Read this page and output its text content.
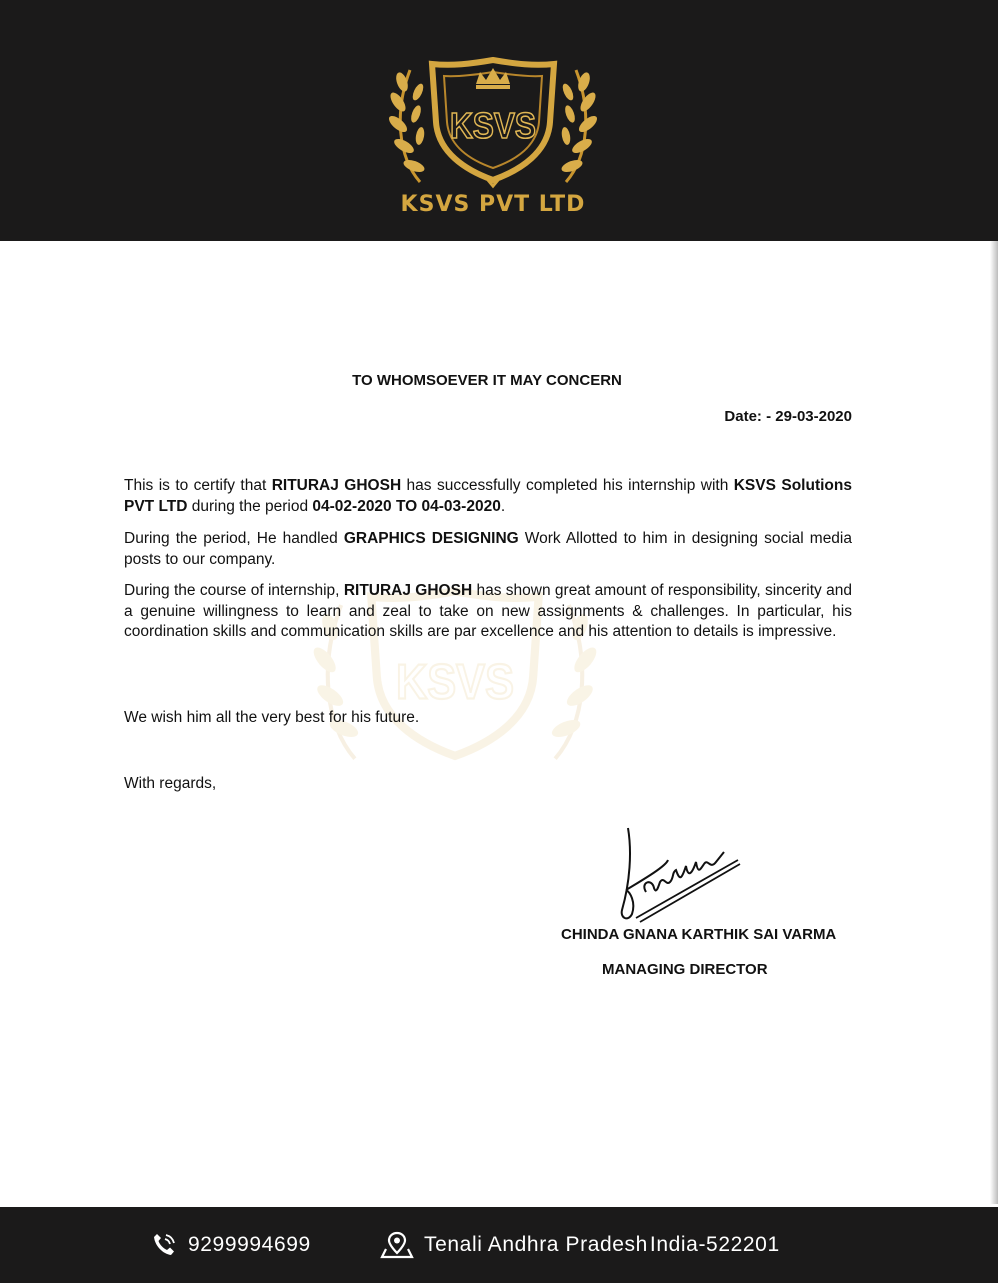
KSVS
KSVS PVT LTD
KSVS
TO WHOMSOEVER IT MAY CONCERN
Date: - 29-03-2020

This is to certify that RITURAJ GHOSH has successfully completed his internship with KSVS Solutions PVT LTD during the period 04-02-2020 TO 04-03-2020.

During the period, He handled GRAPHICS DESIGNING Work Allotted to him in designing social media posts to our company.

During the course of internship, RITURAJ GHOSH has shown great amount of responsibility, sincerity and a genuine willingness to learn and zeal to take on new assignments & challenges. In particular, his coordination skills and communication skills are par excellence and his attention to details is impressive.

We wish him all the very best for his future.

With regards,

CHINDA GNANA KARTHIK SAI VARMA
MANAGING DIRECTOR
9299994699	Tenali Andhra Pradesh India-522201
